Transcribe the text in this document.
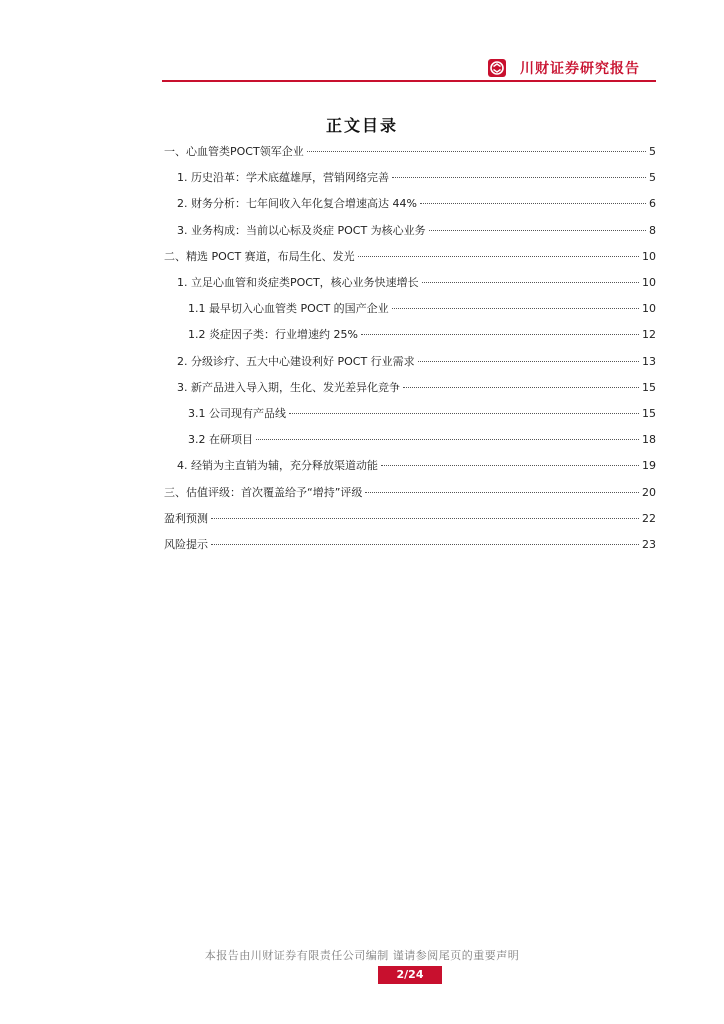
川财证券研究报告
正文目录
一、心血管类POCT领军企业	5
1. 历史沿革：学术底蕴雄厚，营销网络完善	5
2. 财务分析：七年间收入年化复合增速高达 44%	6
3. 业务构成：当前以心标及炎症 POCT 为核心业务	8
二、精选 POCT 赛道，布局生化、发光	10
1. 立足心血管和炎症类POCT，核心业务快速增长	10
1.1 最早切入心血管类 POCT 的国产企业	10
1.2 炎症因子类：行业增速约 25%	12
2. 分级诊疗、五大中心建设利好 POCT 行业需求	13
3. 新产品进入导入期，生化、发光差异化竞争	15
3.1 公司现有产品线	15
3.2 在研项目	18
4. 经销为主直销为辅，充分释放渠道动能	19
三、估值评级：首次覆盖给予“增持”评级	20
盈利预测	22
风险提示	23
本报告由川财证券有限责任公司编制 谨请参阅尾页的重要声明
2/24
